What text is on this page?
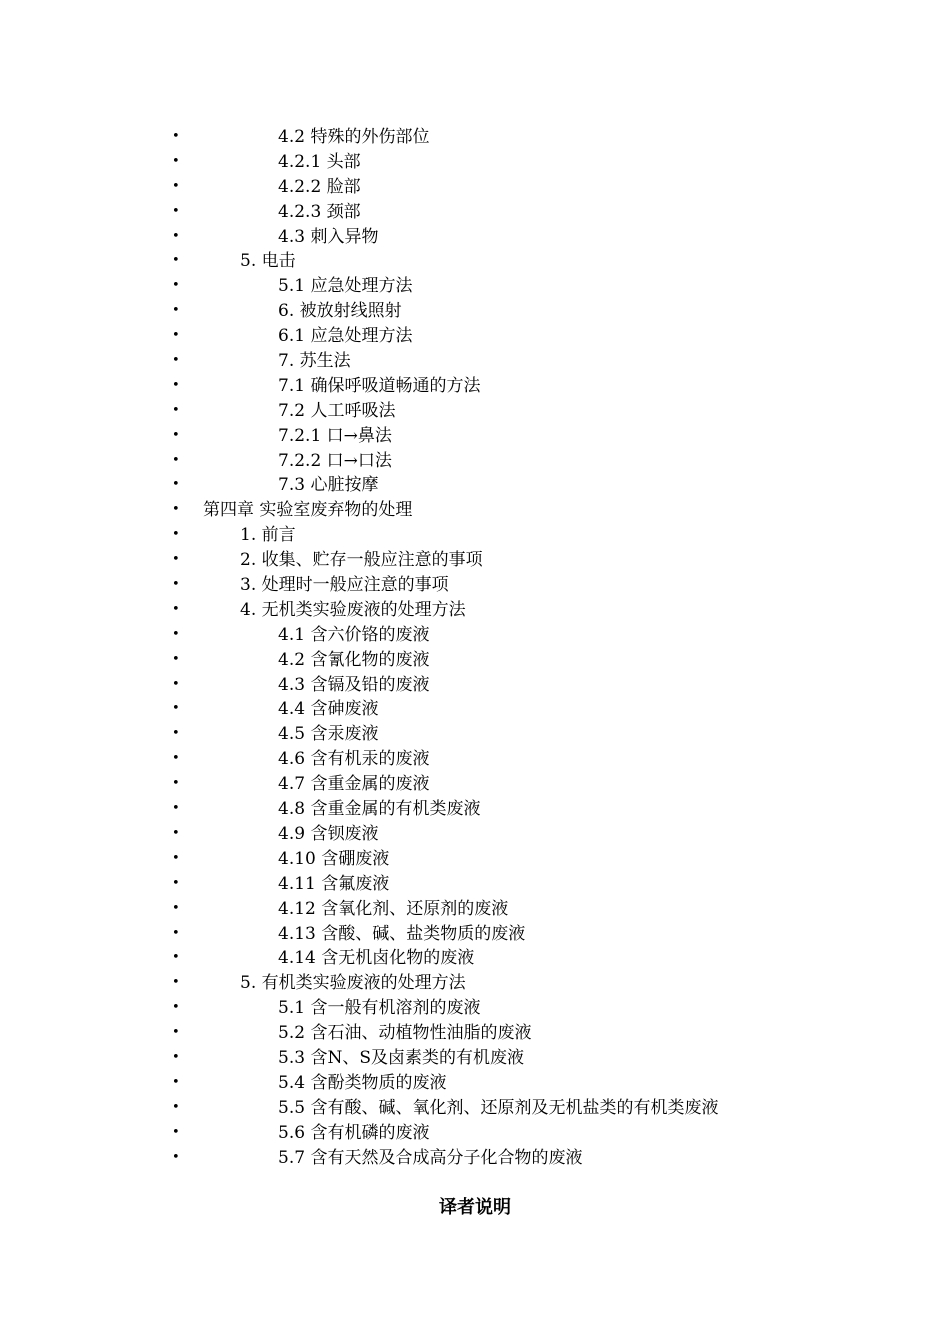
•	4.2 特殊的外伤部位
•	4.2.1 头部
•	4.2.2 脸部
•	4.2.3 颈部
•	4.3 刺入异物
•	5. 电击
•	5.1 应急处理方法
•	6. 被放射线照射
•	6.1 应急处理方法
•	7. 苏生法
•	7.1 确保呼吸道畅通的方法
•	7.2 人工呼吸法
•	7.2.1 口→鼻法
•	7.2.2 口→口法
•	7.3 心脏按摩
• 第四章 实验室废弃物的处理
•	1. 前言
•	2. 收集、贮存一般应注意的事项
•	3. 处理时一般应注意的事项
•	4. 无机类实验废液的处理方法
•	4.1 含六价铬的废液
•	4.2 含氰化物的废液
•	4.3 含镉及铅的废液
•	4.4 含砷废液
•	4.5 含汞废液
•	4.6 含有机汞的废液
•	4.7 含重金属的废液
•	4.8 含重金属的有机类废液
•	4.9 含钡废液
•	4.10 含硼废液
•	4.11 含氟废液
•	4.12 含氧化剂、还原剂的废液
•	4.13 含酸、碱、盐类物质的废液
•	4.14 含无机卤化物的废液
•	5. 有机类实验废液的处理方法
•	5.1 含一般有机溶剂的废液
•	5.2 含石油、动植物性油脂的废液
•	5.3 含N、S及卤素类的有机废液
•	5.4 含酚类物质的废液
•	5.5 含有酸、碱、氧化剂、还原剂及无机盐类的有机类废液
•	5.6 含有机磷的废液
•	5.7 含有天然及合成高分子化合物的废液
译者说明
